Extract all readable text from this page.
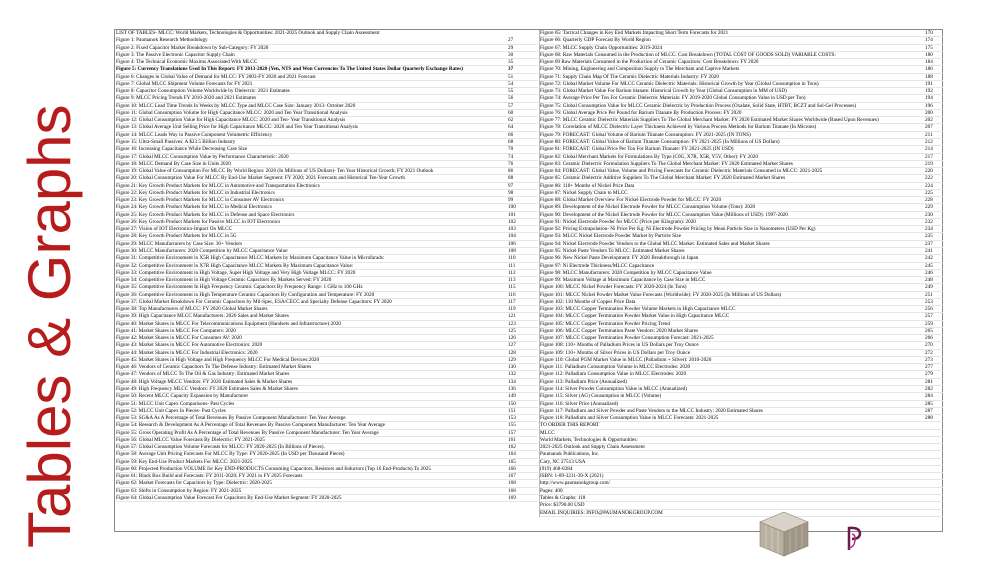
Tables & Graphs
LIST OF TABLES- MLCC: World Markets, Technologies & Opportunities: 2021-2025 Outlook and Supply Chain Assessment
Figure 1: Paumanok Research Methodology	27
Figure 2: Fixed Capacitor Market Breakdown by Sub-Category: FY 2020	29
Figure 3: The Passive Electronic Capacitor Supply Chain	30
Figure 4: The Technical Economic Maxims Associated With MLCC	35
Figure 5: Currency Translations Used In This Report: FY 2013-2020 (Yen, NTS and Won Currencies To The United States Dollar Quarterly Exchange Rates)	37
Figure 6: Changes in Global Value of Demand for MLCC: FY 2003-FY 2020 and 2021 Forecast	51
Figure 7: Global MLCC Shipment Volume Forecasts for FY 2021	54
Figure 8: Capacitor Consumption Volume Worldwide by Dielectric: 2021 Estimates	55
Figure 9: MLCC Pricing Trends FY 2010-2020 and 2021 Estimates	56
Figure 10: MLCC Lead Time Trends In Weeks by MLCC Type and MLCC Case Size: January 2013- October 2020	57
Figure 11: Global Consumption Volume for High Capacitance MLCC: 2020 and Ten Year Transitional Analysis	60
Figure 12: Global Consumption Value for High Capacitance MLCC: 2020 and Ten- Year Transitional Analysis	62
Figure 13: Global Average Unit Selling Price for High Capacitance MLCC: 2020 and Ten Year Transitional Analysis	64
Figure 14: MLCC Leads Way in Passive Component Volumetric Efficiency	66
Figure 15: Ultra-Small Passives: A $23.5 Billion Industry	68
Figure 16: Increasing Capacitance While Decreasing Case Size	70
Figure 17: Global MLCC Consumption Value by Performance Characteristic: 2020	74
Figure 18: MLCC Demand By Case Size in Units 2020	76
Figure 19: Global Value of Consumption For MLCC By World Region: 2020 (In Millions of US Dollars)- Ten Year Historical Growth; FY 2021 Outlook	86
Figure 20: Global Consumption Value For MLCC By End-Use Market Segment: FY 2020; 2021 Forecasts and Historical Ten-Year Growth	88
Figure 21: Key Growth Product Markets for MLCC in Automotive and Transportation Electronics	97
Figure 22: Key Growth Product Markets for MLCC in Industrial Electronics	98
Figure 23: Key Growth Product Markets for MLCC in Consumer AV Electronics	99
Figure 24: Key Growth Product Markets for MLCC in Medical Electronics	100
Figure 25: Key Growth Product Markets for MLCC in Defense and Space Electronics	101
Figure 26: Key Growth Product Markets for Passive MLCC in IOT Electronics	102
Figure 27: Vision of IOT Electronics-Impact On MLCC	103
Figure 28: Key Growth Product Markets for MLCC in 5G	104
Figure 29: MLCC Manufacturers by Case Size: 30+ Vendors	106
Figure 30: MLCC Manufacturers: 2020 Competition by MLCC Capacitance Value	108
Figure 31: Competitive Environment in X5R High Capacitance MLCC Markets by Maximum Capacitance Value in Microfarads:	110
Figure 32: Competitive Environment in X7R High Capacitance MLCC Markets By Maximum Capacitance Value:	111
Figure 33: Competitive Environment in High Voltage, Super High Voltage and Very High Voltage MLCC: FY 2020	112
Figure 34: Competitive Environment in High Voltage Ceramic Capacitors By Markets Served: FY 2020	113
Figure 35: Competitive Environment In High Frequency Ceramic Capacitors By Frequency Range: 1 GHz to 100 GHz	115
Figure 36: Competitive Environment in High Temperature Ceramic Capacitors By Configuration and Temperature: FY 2020	116
Figure 37: Global Market Breakdown For Ceramic Capacitors by Mil-Spec, ESA/CECC and Specialty Defense Capacitors: FY 2020	117
Figure 38: Top Manufacturers of MLCC: FY 2020 Global Market Shares	119
Figure 39: High Capacitance MLCC Manufacturers: 2020 Sales and Market Shares	121
Figure 40: Market Shares in MLCC For Telecommunications Equipment (Handsets and Infrastructure):2020	123
Figure 41: Market Shares in MLCC For Computers: 2020	125
Figure 42: Market Shares in MLCC For Consumer AV: 2020	126
Figure 43: Market Shares in MLCC For Automotive Electronics: 2020	127
Figure 44: Market Shares in MLCC For Industrial Electronics: 2020	128
Figure 45: Market Shares in High Voltage and High Frequency MLCC For Medical Devices:2020	129
Figure 46: Vendors of Ceramic Capacitors To The Defense Industry: Estimated Market Shares	130
Figure 47: Vendors of MLCC To The Oil & Gas Industry: Estimated Market Shares	132
Figure 48: High Voltage MLCC Vendors: FY 2020 Estimated Sales & Market Shares	134
Figure 49: High Frequency MLCC Vendors: FY 2020 Estimates Sales & Market Shares	136
Figure 50: Recent MLCC Capacity Expansion by Manufacturer	149
Figure 51: MLCC Unit Capex Comparisons- Past Cycles	150
Figure 52: MLCC Unit Capex In Pieces- Past Cycles	151
Figure 53: SG&A As A Percentage of Total Revenues By Passive Component Manufacturer: Ten Year Average	153
Figure 54: Research & Development As A Percentage of Total Revenues By Passive Component Manufacturer: Ten Year Average	155
Figure 55: Gross Operating Profit As A Percentage of Total Revenues By Passive Component Manufacturer: Ten Year Average	157
Figure 56: Global MLCC Value Forecasts By Dielectric: FY 2021-2025	161
Figure 57: Global Consumption Volume Forecasts for MLCC: FY 2020-2025 (In Billions of Pieces).	162
Figure 58: Average Unit Pricing Forecasts For MLCC By Type: FY 2020-2025 (In USD per Thousand Pieces)	164
Figure 59: Key End-Use Product Markets For MLCC: 2021-2025	165
Figure 60: Projected Production VOLUME for Key END-PRODUCTS Consuming Capacitors, Resistors and Inductors (Top 16 End-Products) To 2025	166
Figure 61: Black Box Build and Forecasts: FY 2011-2020; FY 2021 to FY 2025 Forecasts	167
Figure 62: Market Forecasts for Capacitors by Type: Dielectric: 2020-2025	168
Figure 63: Shifts in Consumption by Region: FY 2021-2025	168
Figure 64: Global Consumption Value Forecast For Capacitors By End-Use Market Segment: FY 2020-2025	169
Figure 65: Tactical Changes in Key End Markets Impacting Short Term Forecasts for 2021	170
Figure 66: Quarterly GDP Forecast By World Region	174
Figure 67: MLCC Supply Chain Opportunities: 2019-2024	175
Figure 68: Raw Materials Consumed in the Production of MLCC: Cost Breakdown (TOTAL COST OF GOODS SOLD) VARIABLE COSTS:	180
Figure 69 Raw Materials Consumed in the Production of Ceramic Capacitors: Cost Breakdown: FY 2020	184
Figure 70: Mining, Engineering and Composition Supply to The Merchant and Captive Markets	186
Figure 71: Supply Chain Map Of The Ceramic Dielectric Materials Industry: FY 2020	188
Figure 72: Global Market Volume For MLCC Ceramic Dielectric Materials: Historical Growth by Year (Global Consumption in Tons)	191
Figure 73: Global Market Value For Barium titanate: Historical Growth by Year (Global Consumption in MM of USD)	192
Figure 74: Average Price Per Ton For Ceramic Dielectric Materials: FY 2019-2020 Global Consumption Value in USD per Ton)	194
Figure 75: Global Consumption Value for MLCC Ceramic Dielectric by Production Process (Oxalate, Solid State, HTBT, BCZT and Sol-Gel Processes)	196
Figure 76: Global Average Price Per Pound for Barium Titanate By Production Process: FY 2020	200
Figure 77: MLCC Ceramic Dielectric Materials Suppliers To The Global Merchant Market: FY 2020 Estimated Market Shares Worldwide (Based Upon Revenues)	202
Figure 78: Correlation of MLCC Dielectric Layer Thickness Achieved by Various Process Methods for Barium Titanate (In Microns)	207
Figure 79: FORECAST: Global Volume of Barium Titanate Consumption: FY 2021-2025 (IN TONS)	211
Figure 80: FORECAST: Global Value of Barium Titanate Consumption: FY 2021-2025 (In Millions of US Dollars)	212
Figure 81: FORECAST: Global Price Per Ton For Barium Titanate: FY 2021-2025 (IN USD)	214
Figure 82: Global Merchant Markets for Formulations By Type (C0G, X7R, X5R, Y5V, Other): FY 2020	217
Figure 83: Ceramic Dielectric Formulation Suppliers To The Global Merchant Market: FY 2020 Estimated Market Shares	219
Figure 84: FORECAST: Global Value, Volume and Pricing Forecasts for Ceramic Dielectric Materials Consumed in MLCC: 2021-2025	220
Figure 85: Ceramic Dielectric Additive Suppliers To The Global Merchant Market: FY 2020 Estimated Market Shares	222
Figure 86: 110+ Months of Nickel Price Data	224
Figure 87: Nickel Supply Chain to MLCC	225
Figure 88: Global Market Overview For Nickel Electrode Powder for MLCC: FY 2020	228
Figure 89: Development of the Nickel Electrode Powder for MLCC Consumption Volume (Tons): 2020	229
Figure 90: Development of the Nickel Electrode Powder for MLCC Consumption Value (Millions of USD): 1997-2020	230
Figure 91: Nickel Electrode Powder for MLCC (Price per Kilogram): 2020	232
Figure 92: Pricing Extrapolation- Ni Price Per Kg: Ni Electrode Powder Pricing by Mean Particle Size in Nanometers (USD Per Kg)	234
Figure 93: MLCC Nickel Electrode Powder Market by Particle Size	235
Figure 94: Nickel Electrode Powder Vendors to the Global MLCC Market: Estimated Sales and Market Shares	237
Figure 95: Nickel Paste Vendors To MLCC: Estimated Market Shares	241
Figure 96: New Nickel Paste Development: FY 2020 Breakthrough in Japan	242
Figure 97: Ni Electrode Thickness/MLCC Capacitance	245
Figure 98: MLCC Manufacturers: 2020 Competition by MLCC Capacitance Value	246
Figure 99: Maximum Voltage at Maximum Capacitance by Case Size in MLCC	248
Figure 100: MLCC Nickel Powder Forecasts: FY 2020-2024 (In Tons)	249
Figure 101: MLCC Nickel Powder Market Value Forecasts (Worldwide): FY 2020-2025 (In Millions of US Dollars)	251
Figure 102: 110 Months of Copper Price Data	253
Figure 103: MLCC Copper Termination Powder Volume Markets in High Capacitance MLCC	256
Figure 104: MLCC Copper Termination Powder Market Value in High Capacitance MLCC	257
Figure 105: MLCC Copper Termination Powder Pricing Trend	259
Figure 106: MLCC Copper Termination Paste Vendors: 2020 Market Shares	265
Figure 107: MLCC Copper Termination Powder Consumption Forecast: 2021-2025	266
Figure 108: 110+ Months of Palladium Prices in US Dollars per Troy Ounce	270
Figure 109: 110+ Months of Silver Prices in US Dollars per Troy Ounce	272
Figure 110: Global PGM Market Value in MLCC (Palladium + Silver): 2010-2020	273
Figure 111: Palladium Consumption Volume in MLCC Electrodes: 2020	277
Figure 112: Palladium Consumption Value in MLCC Electrodes: 2020	279
Figure 113: Palladium Price (Annualized)	281
Figure 114: Silver Powder Consumption Value in MLCC (Annualized)	282
Figure 115: Silver (AG) Consumption in MLCC (Volume)	284
Figure 116: Silver Price (Annualized)	285
Figure 117: Palladium and Silver Powder and Paste Vendors to the MLCC Industry: 2020 Estimated Shares	287
Figure 118: Palladium and Silver Consumption Value in MLCC Forecasts: 2021-2025	288
TO ORDER THIS REPORT
MLCC
World Markets, Technologies & Opportunities:
2021-2025 Outlook and Supply Chain Assessment
Paumanok Publications, Inc.
Cary, NC 27513 USA
(919) 468-0384
ISBN: 1-89-3211-39-X (2021)
http://www.paumanokgroup.com/
Pages: 400
Tables & Graphs: 118
Price: $3790.00 USD
EMAIL INQUIRIES: INFO@PAUMANOKGROUP.COM
